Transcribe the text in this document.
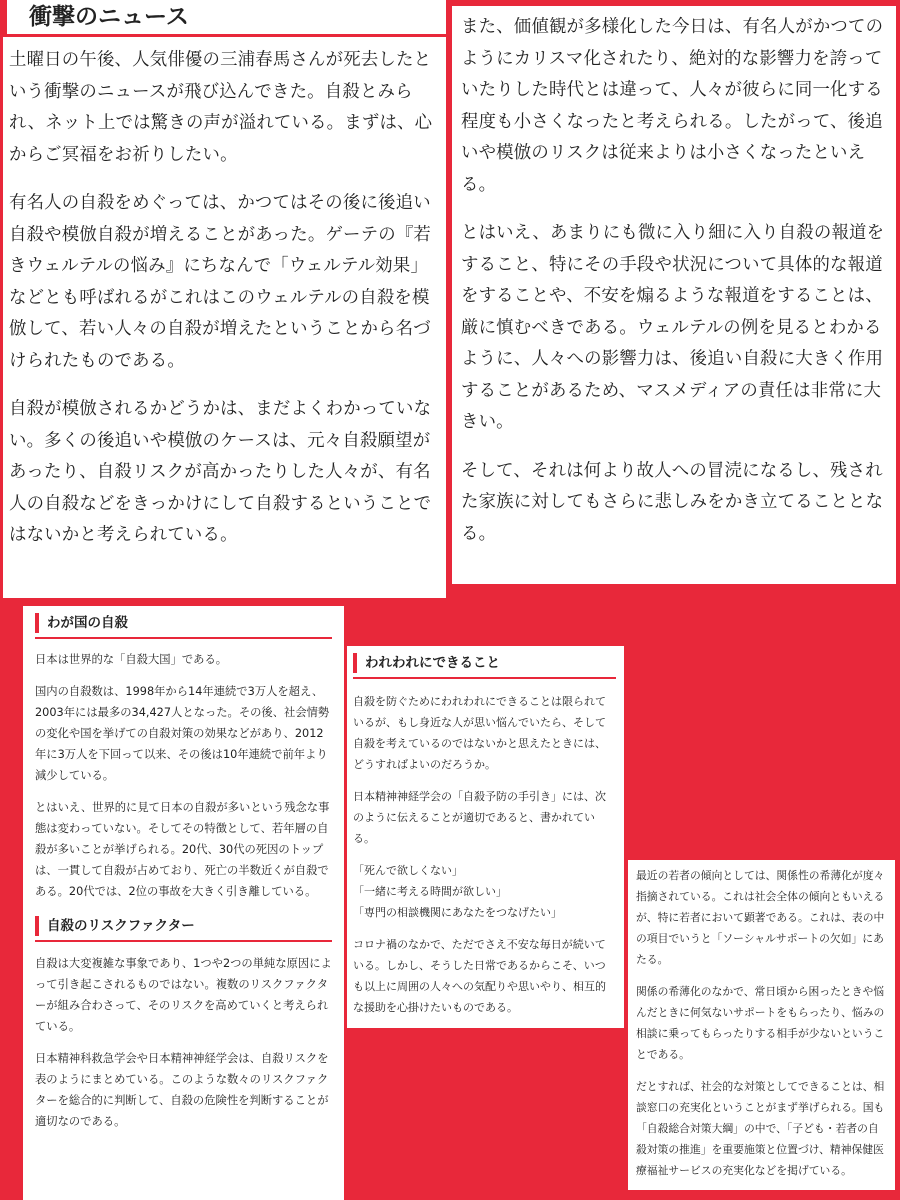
衝撃のニュース

土曜日の午後、人気俳優の三浦春馬さんが死去したという衝撃のニュースが飛び込んできた。自殺とみられ、ネット上では驚きの声が溢れている。まずは、心からご冥福をお祈りしたい。

有名人の自殺をめぐっては、かつてはその後に後追い自殺や模倣自殺が増えることがあった。ゲーテの『若きウェルテルの悩み』にちなんで「ウェルテル効果」などとも呼ばれるがこれはこのウェルテルの自殺を模倣して、若い人々の自殺が増えたということから名づけられたものである。

自殺が模倣されるかどうかは、まだよくわかっていない。多くの後追いや模倣のケースは、元々自殺願望があったり、自殺リスクが高かったりした人々が、有名人の自殺などをきっかけにして自殺するということではないかと考えられている。

また、価値観が多様化した今日は、有名人がかつてのようにカリスマ化されたり、絶対的な影響力を誇っていたりした時代とは違って、人々が彼らに同一化する程度も小さくなったと考えられる。したがって、後追いや模倣のリスクは従来よりは小さくなったといえる。

とはいえ、あまりにも微に入り細に入り自殺の報道をすること、特にその手段や状況について具体的な報道をすることや、不安を煽るような報道をすることは、厳に慎むべきである。ウェルテルの例を見るとわかるように、人々への影響力は、後追い自殺に大きく作用することがあるため、マスメディアの責任は非常に大きい。

そして、それは何より故人への冒涜になるし、残された家族に対してもさらに悲しみをかき立てることとなる。

わが国の自殺

日本は世界的な「自殺大国」である。

国内の自殺数は、1998年から14年連続で3万人を超え、2003年には最多の34,427人となった。その後、社会情勢の変化や国を挙げての自殺対策の効果などがあり、2012年に3万人を下回って以来、その後は10年連続で前年より減少している。

とはいえ、世界的に見て日本の自殺が多いという残念な事態は変わっていない。そしてその特徴として、若年層の自殺が多いことが挙げられる。20代、30代の死因のトップは、一貫して自殺が占めており、死亡の半数近くが自殺である。20代では、2位の事故を大きく引き離している。

自殺のリスクファクター

自殺は大変複雑な事象であり、1つや2つの単純な原因によって引き起こされるものではない。複数のリスクファクターが組み合わさって、そのリスクを高めていくと考えられている。

日本精神科救急学会や日本精神神経学会は、自殺リスクを表のようにまとめている。このような数々のリスクファクターを総合的に判断して、自殺の危険性を判断することが適切なのである。

われわれにできること

自殺を防ぐためにわれわれにできることは限られているが、もし身近な人が思い悩んでいたら、そして自殺を考えているのではないかと思えたときには、どうすればよいのだろうか。

日本精神神経学会の「自殺予防の手引き」には、次のように伝えることが適切であると、書かれている。

「死んで欲しくない」
「一緒に考える時間が欲しい」
「専門の相談機関にあなたをつなげたい」

コロナ禍のなかで、ただでさえ不安な毎日が続いている。しかし、そうした日常であるからこそ、いつも以上に周囲の人々への気配りや思いやり、相互的な援助を心掛けたいものである。

最近の若者の傾向としては、関係性の希薄化が度々指摘されている。これは社会全体の傾向ともいえるが、特に若者において顕著である。これは、表の中の項目でいうと「ソーシャルサポートの欠如」にあたる。

関係の希薄化のなかで、常日頃から困ったときや悩んだときに何気ないサポートをもらったり、悩みの相談に乗ってもらったりする相手が少ないということである。

だとすれば、社会的な対策としてできることは、相談窓口の充実化ということがまず挙げられる。国も「自殺総合対策大綱」の中で、「子ども・若者の自殺対策の推進」を重要施策と位置づけ、精神保健医療福祉サービスの充実化などを掲げている。
